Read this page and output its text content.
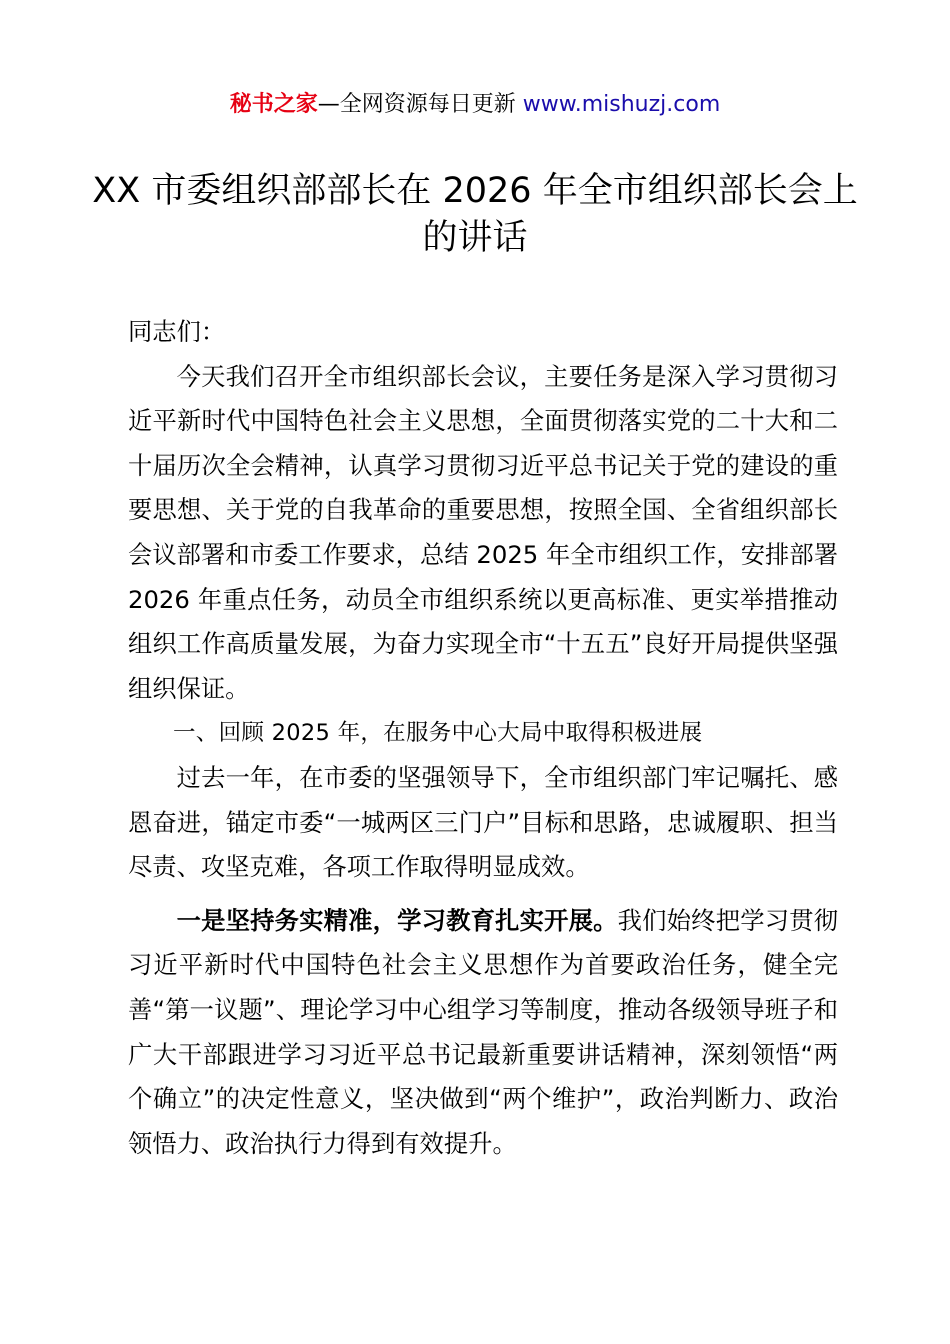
秘书之家—全网资源每日更新 www.mishuzj.com
XX 市委组织部部长在 2026 年全市组织部长会上的讲话

同志们：

今天我们召开全市组织部长会议，主要任务是深入学习贯彻习近平新时代中国特色社会主义思想，全面贯彻落实党的二十大和二十届历次全会精神，认真学习贯彻习近平总书记关于党的建设的重要思想、关于党的自我革命的重要思想，按照全国、全省组织部长会议部署和市委工作要求，总结 2025 年全市组织工作，安排部署 2026 年重点任务，动员全市组织系统以更高标准、更实举措推动组织工作高质量发展，为奋力实现全市“十五五”良好开局提供坚强组织保证。

一、回顾 2025 年，在服务中心大局中取得积极进展

过去一年，在市委的坚强领导下，全市组织部门牢记嘱托、感恩奋进，锚定市委“一城两区三门户”目标和思路，忠诚履职、担当尽责、攻坚克难，各项工作取得明显成效。

一是坚持务实精准，学习教育扎实开展。我们始终把学习贯彻习近平新时代中国特色社会主义思想作为首要政治任务，健全完善“第一议题”、理论学习中心组学习等制度，推动各级领导班子和广大干部跟进学习习近平总书记最新重要讲话精神，深刻领悟“两个确立”的决定性意义，坚决做到“两个维护”，政治判断力、政治领悟力、政治执行力得到有效提升。
